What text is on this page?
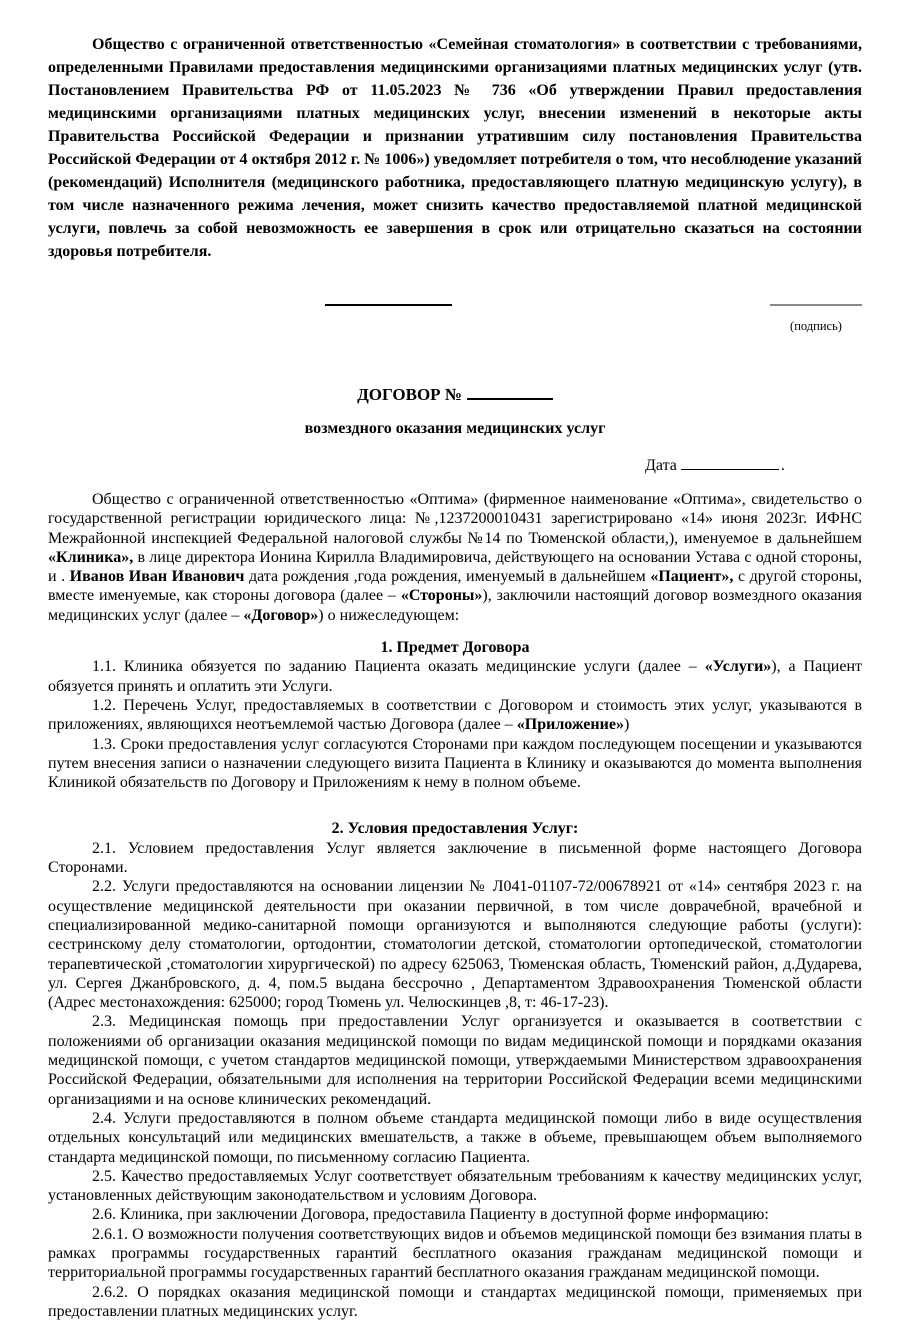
Общество с ограниченной ответственностью «Семейная стоматология» в соответствии с требованиями, определенными Правилами предоставления медицинскими организациями платных медицинских услуг (утв. Постановлением Правительства РФ от 11.05.2023 № 736 «Об утверждении Правил предоставления медицинскими организациями платных медицинских услуг, внесении изменений в некоторые акты Правительства Российской Федерации и признании утратившим силу постановления Правительства Российской Федерации от 4 октября 2012 г. № 1006») уведомляет потребителя о том, что несоблюдение указаний (рекомендаций) Исполнителя (медицинского работника, предоставляющего платную медицинскую услугу), в том числе назначенного режима лечения, может снизить качество предоставляемой платной медицинской услуги, повлечь за собой невозможность ее завершения в срок или отрицательно сказаться на состоянии здоровья потребителя.

(подпись)
ДОГОВОР №
возмездного оказания медицинских услуг
Дата	.

Общество с ограниченной ответственностью «Оптима» (фирменное наименование «Оптима», свидетельство о государственной регистрации юридического лица: №,1237200010431 зарегистрировано «14» июня 2023г. ИФНС Межрайонной инспекцией Федеральной налоговой службы №14 по Тюменской области,), именуемое в дальнейшем «Клиника», в лице директора Ионина Кирилла Владимировича, действующего на основании Устава с одной стороны, и . Иванов Иван Иванович дата рождения ,года рождения, именуемый в дальнейшем «Пациент», с другой стороны, вместе именуемые, как стороны договора (далее – «Стороны»), заключили настоящий договор возмездного оказания медицинских услуг (далее – «Договор») о нижеследующем:

1. Предмет Договора

1.1. Клиника обязуется по заданию Пациента оказать медицинские услуги (далее – «Услуги»), а Пациент обязуется принять и оплатить эти Услуги.

1.2. Перечень Услуг, предоставляемых в соответствии с Договором и стоимость этих услуг, указываются в приложениях, являющихся неотъемлемой частью Договора (далее – «Приложение»)

1.3. Сроки предоставления услуг согласуются Сторонами при каждом последующем посещении и указываются путем внесения записи о назначении следующего визита Пациента в Клинику и оказываются до момента выполнения Клиникой обязательств по Договору и Приложениям к нему в полном объеме.

2. Условия предоставления Услуг:

2.1. Условием предоставления Услуг является заключение в письменной форме настоящего Договора Сторонами.

2.2. Услуги предоставляются на основании лицензии № Л041-01107-72/00678921 от «14» сентября 2023 г. на осуществление медицинской деятельности при оказании первичной, в том числе доврачебной, врачебной и специализированной медико-санитарной помощи организуются и выполняются следующие работы (услуги): сестринскому делу стоматологии, ортодонтии, стоматологии детской, стоматологии ортопедической, стоматологии терапевтической ,стоматологии хирургической) по адресу 625063, Тюменская область, Тюменский район, д.Дударева, ул. Сергея Джанбровского, д. 4, пом.5 выдана бессрочно , Департаментом Здравоохранения Тюменской области (Адрес местонахождения: 625000; город Тюмень ул. Челюскинцев ,8, т: 46-17-23).

2.3. Медицинская помощь при предоставлении Услуг организуется и оказывается в соответствии с положениями об организации оказания медицинской помощи по видам медицинской помощи и порядками оказания медицинской помощи, с учетом стандартов медицинской помощи, утверждаемыми Министерством здравоохранения Российской Федерации, обязательными для исполнения на территории Российской Федерации всеми медицинскими организациями и на основе клинических рекомендаций.

2.4. Услуги предоставляются в полном объеме стандарта медицинской помощи либо в виде осуществления отдельных консультаций или медицинских вмешательств, а также в объеме, превышающем объем выполняемого стандарта медицинской помощи, по письменному согласию Пациента.

2.5. Качество предоставляемых Услуг соответствует обязательным требованиям к качеству медицинских услуг, установленных действующим законодательством и условиям Договора.

2.6. Клиника, при заключении Договора, предоставила Пациенту в доступной форме информацию:

2.6.1. О возможности получения соответствующих видов и объемов медицинской помощи без взимания платы в рамках программы государственных гарантий бесплатного оказания гражданам медицинской помощи и территориальной программы государственных гарантий бесплатного оказания гражданам медицинской помощи.

2.6.2. О порядках оказания медицинской помощи и стандартах медицинской помощи, применяемых при предоставлении платных медицинских услуг.
